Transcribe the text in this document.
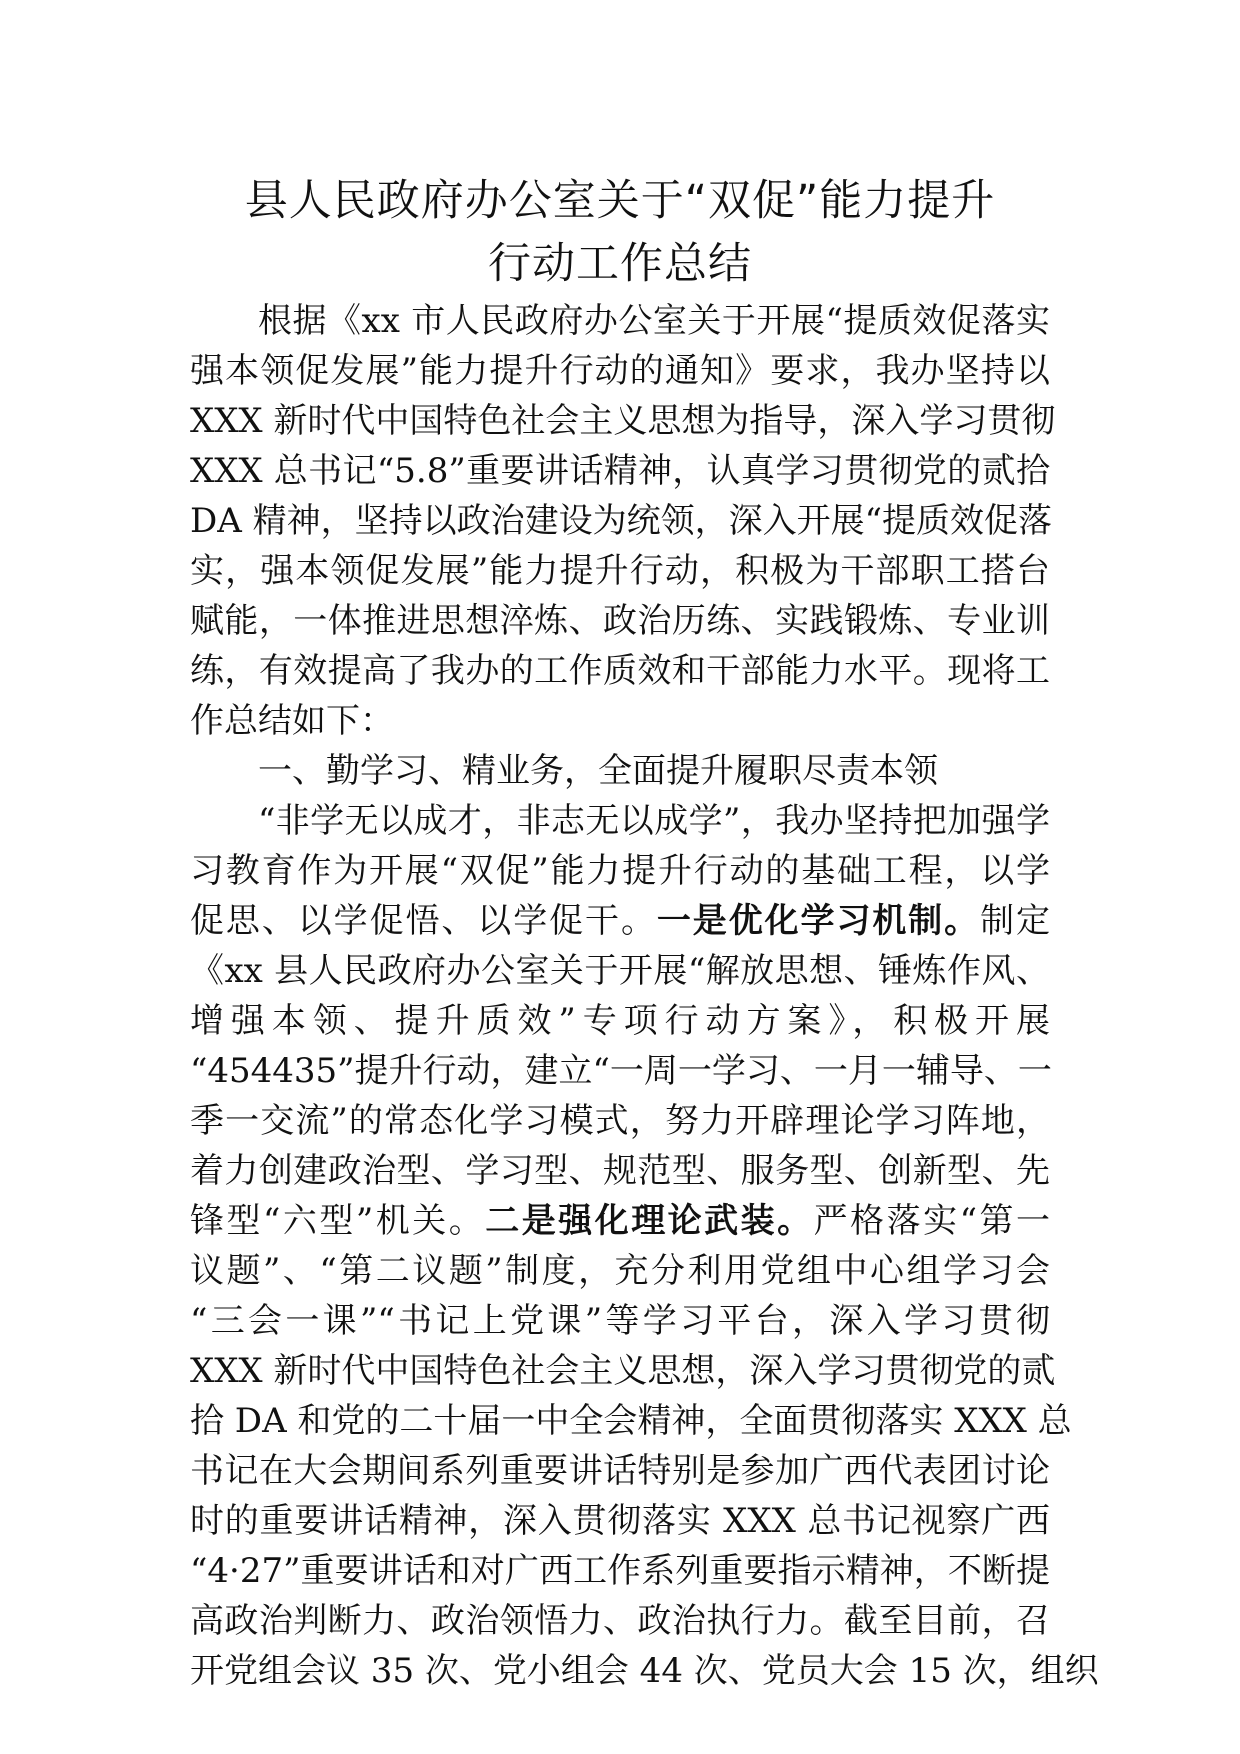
县人民政府办公室关于“双促”能力提升
行动工作总结
根据《xx 市人民政府办公室关于开展“提质效促落实
强本领促发展”能力提升行动的通知》要求，我办坚持以
XXX 新时代中国特色社会主义思想为指导，深入学习贯彻
XXX 总书记“5.8”重要讲话精神，认真学习贯彻党的贰拾
DA 精神，坚持以政治建设为统领，深入开展“提质效促落
实，强本领促发展”能力提升行动，积极为干部职工搭台
赋能，一体推进思想淬炼、政治历练、实践锻炼、专业训
练，有效提高了我办的工作质效和干部能力水平。现将工
作总结如下：
一、勤学习、精业务，全面提升履职尽责本领
“非学无以成才，非志无以成学”，我办坚持把加强学
习教育作为开展“双促”能力提升行动的基础工程，以学
促思、以学促悟、以学促干。一是优化学习机制。制定
《xx 县人民政府办公室关于开展“解放思想、锤炼作风、
增强本领、提升质效”专项行动方案》，积极开展
“454435”提升行动，建立“一周一学习、一月一辅导、一
季一交流”的常态化学习模式，努力开辟理论学习阵地，
着力创建政治型、学习型、规范型、服务型、创新型、先
锋型“六型”机关。二是强化理论武装。严格落实“第一
议题”、“第二议题”制度，充分利用党组中心组学习会
“三会一课”“书记上党课”等学习平台，深入学习贯彻
XXX 新时代中国特色社会主义思想，深入学习贯彻党的贰
拾 DA 和党的二十届一中全会精神，全面贯彻落实 XXX 总
书记在大会期间系列重要讲话特别是参加广西代表团讨论
时的重要讲话精神，深入贯彻落实 XXX 总书记视察广西
“4·27”重要讲话和对广西工作系列重要指示精神，不断提
高政治判断力、政治领悟力、政治执行力。截至目前，召
开党组会议 35 次、党小组会 44 次、党员大会 15 次，组织
